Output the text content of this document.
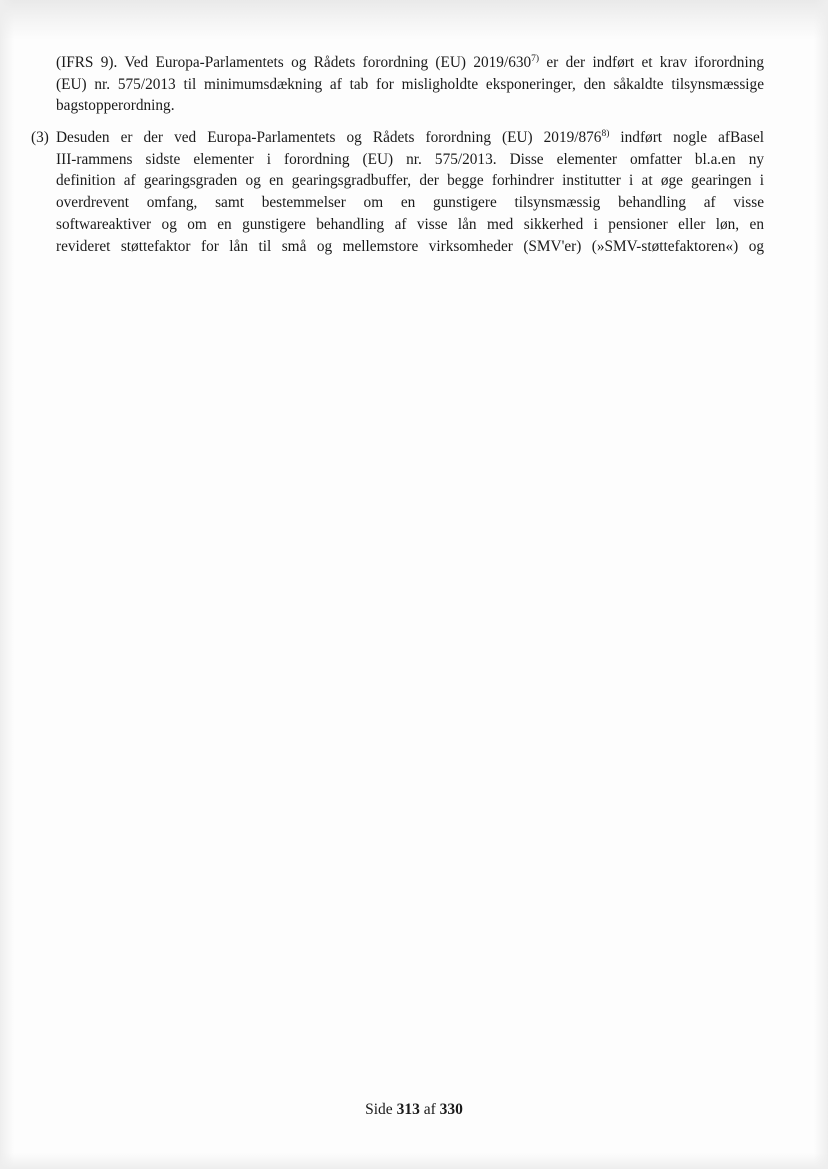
(IFRS 9). Ved Europa-Parlamentets og Rådets forordning (EU) 2019/630$^{7)}$ er der indført et krav iforordning
(EU) nr. 575/2013 til minimumsdækning af tab for misligholdte eksponeringer, den såkaldte tilsynsmæssige
bagstopperordning.
(3) Desuden er der ved Europa-Parlamentets og Rådets forordning (EU) 2019/876$^{8)}$ indført nogle afBasel
III-rammens sidste elementer i forordning (EU) nr. 575/2013. Disse elementer omfatter bl.a.en ny
definition af gearingsgraden og en gearingsgradbuffer, der begge forhindrer institutter i at øge gearingen i
overdrevent omfang, samt bestemmelser om en gunstigere tilsynsmæssig behandling af visse
softwareaktiver og om en gunstigere behandling af visse lån med sikkerhed i pensioner eller løn, en
revideret støttefaktor for lån til små og mellemstore virksomheder (SMV'er) (»SMV-støttefaktoren«) og
Side 313 af 330
